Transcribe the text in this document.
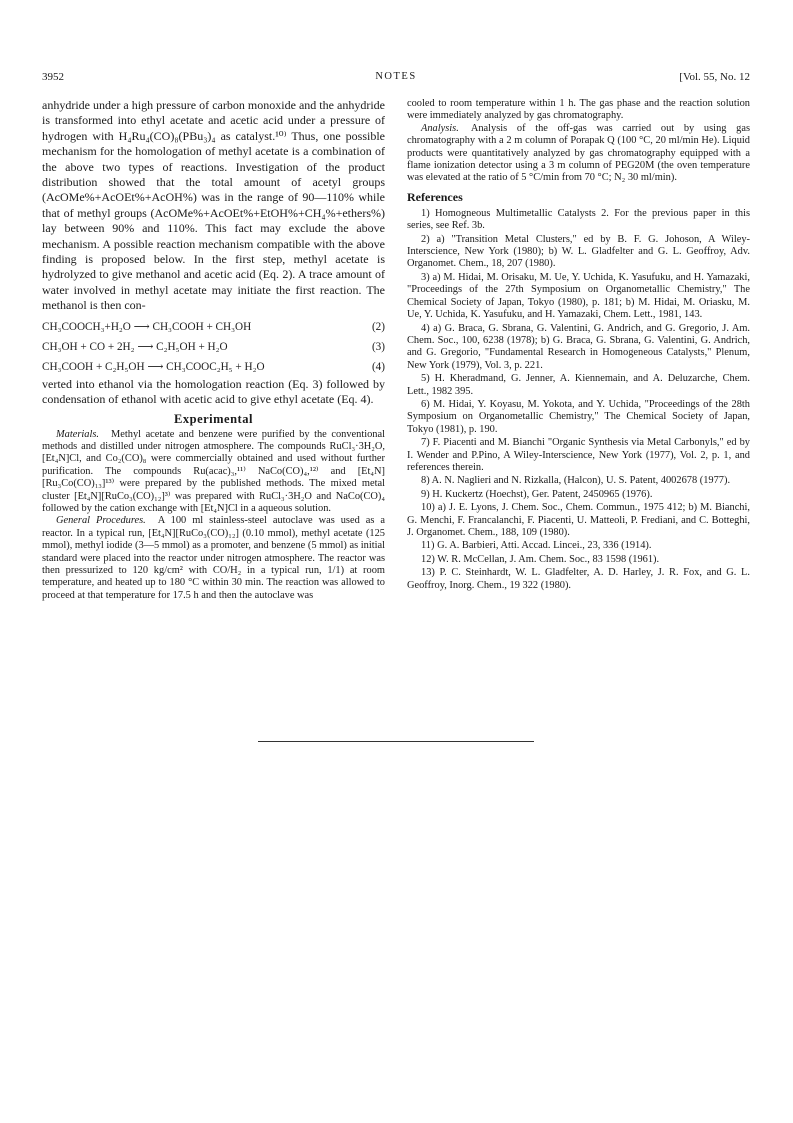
3952	NOTES	[Vol. 55, No. 12

anhydride under a high pressure of carbon monoxide and the anhydride is transformed into ethyl acetate and acetic acid under a pressure of hydrogen with H₄Ru₄(CO)₈(PBu₃)₄ as catalyst.¹⁰⁾ Thus, one possible mechanism for the homologation of methyl acetate is a combination of the above two types of reactions. Investigation of the product distribution showed that the total amount of acetyl groups (AcOMe%+AcOEt%+AcOH%) was in the range of 90—110% while that of methyl groups (AcOMe%+AcOEt%+EtOH%+CH₄%+ethers%) lay between 90% and 110%. This fact may exclude the above mechanism. A possible reaction mechanism compatible with the above finding is proposed below. In the first step, methyl acetate is hydrolyzed to give methanol and acetic acid (Eq. 2). A trace amount of water involved in methyl acetate may initiate the first reaction. The methanol is then con-

CH₃COOCH₃+H₂O ⟶ CH₃COOH + CH₃OH	(2)
CH₃OH + CO + 2H₂ ⟶ C₂H₅OH + H₂O	(3)
CH₃COOH + C₂H₅OH ⟶ CH₃COOC₂H₅ + H₂O	(4)

verted into ethanol via the homologation reaction (Eq. 3) followed by condensation of ethanol with acetic acid to give ethyl acetate (Eq. 4).

Experimental

Materials. Methyl acetate and benzene were purified by the conventional methods and distilled under nitrogen atmosphere. The compounds RuCl₃·3H₂O, [Et₄N]Cl, and Co₂(CO)₈ were commercially obtained and used without further purification. The compounds Ru(acac)₃,¹¹⁾ NaCo(CO)₄,¹²⁾ and [Et₄N][Ru₃Co(CO)₁₃]¹³⁾ were prepared by the published methods. The mixed metal cluster [Et₄N][RuCo₃(CO)₁₂]³⁾ was prepared with RuCl₃·3H₂O and NaCo(CO)₄ followed by the cation exchange with [Et₄N]Cl in a aqueous solution.

General Procedures. A 100 ml stainless-steel autoclave was used as a reactor. In a typical run, [Et₄N][RuCo₃(CO)₁₂] (0.10 mmol), methyl acetate (125 mmol), methyl iodide (3—5 mmol) as a promoter, and benzene (5 mmol) as initial standard were placed into the reactor under nitrogen atmosphere. The reactor was then pressurized to 120 kg/cm² with CO/H₂ in a typical run, 1/1) at room temperature, and heated up to 180 °C within 30 min. The reaction was allowed to proceed at that temperature for 17.5 h and then the autoclave was

cooled to room temperature within 1 h. The gas phase and the reaction solution were immediately analyzed by gas chromatography.

Analysis. Analysis of the off-gas was carried out by using gas chromatography with a 2 m column of Porapak Q (100 °C, 20 ml/min He). Liquid products were quantitatively analyzed by gas chromatography equipped with a flame ionization detector using a 3 m column of PEG20M (the oven temperature was elevated at the ratio of 5 °C/min from 70 °C; N₂ 30 ml/min).

References

1) Homogneous Multimetallic Catalysts 2. For the previous paper in this series, see Ref. 3b.

2) a) "Transition Metal Clusters," ed by B. F. G. Johoson, A Wiley-Interscience, New York (1980); b) W. L. Gladfelter and G. L. Geoffroy, Adv. Organomet. Chem., 18, 207 (1980).

3) a) M. Hidai, M. Orisaku, M. Ue, Y. Uchida, K. Yasufuku, and H. Yamazaki, "Proceedings of the 27th Symposium on Organometallic Chemistry," The Chemical Society of Japan, Tokyo (1980), p. 181; b) M. Hidai, M. Oriasku, M. Ue, Y. Uchida, K. Yasufuku, and H. Yamazaki, Chem. Lett., 1981, 143.

4) a) G. Braca, G. Sbrana, G. Valentini, G. Andrich, and G. Gregorio, J. Am. Chem. Soc., 100, 6238 (1978); b) G. Braca, G. Sbrana, G. Valentini, G. Andrich, and G. Gregorio, "Fundamental Research in Homogeneous Catalysts," Plenum, New York (1979), Vol. 3, p. 221.

5) H. Kheradmand, G. Jenner, A. Kiennemain, and A. Deluzarche, Chem. Lett., 1982 395.

6) M. Hidai, Y. Koyasu, M. Yokota, and Y. Uchida, "Proceedings of the 28th Symposium on Organometallic Chemistry," The Chemical Society of Japan, Tokyo (1981), p. 190.

7) F. Piacenti and M. Bianchi "Organic Synthesis via Metal Carbonyls," ed by I. Wender and P.Pino, A Wiley-Interscience, New York (1977), Vol. 2, p. 1, and references therein.

8) A. N. Naglieri and N. Rizkalla, (Halcon), U. S. Patent, 4002678 (1977).

9) H. Kuckertz (Hoechst), Ger. Patent, 2450965 (1976).

10) a) J. E. Lyons, J. Chem. Soc., Chem. Commun., 1975 412; b) M. Bianchi, G. Menchi, F. Francalanchi, F. Piacenti, U. Matteoli, P. Frediani, and C. Botteghi, J. Organomet. Chem., 188, 109 (1980).

11) G. A. Barbieri, Atti. Accad. Lincei., 23, 336 (1914).

12) W. R. McCellan, J. Am. Chem. Soc., 83 1598 (1961).

13) P. C. Steinhardt, W. L. Gladfelter, A. D. Harley, J. R. Fox, and G. L. Geoffroy, Inorg. Chem., 19 322 (1980).
